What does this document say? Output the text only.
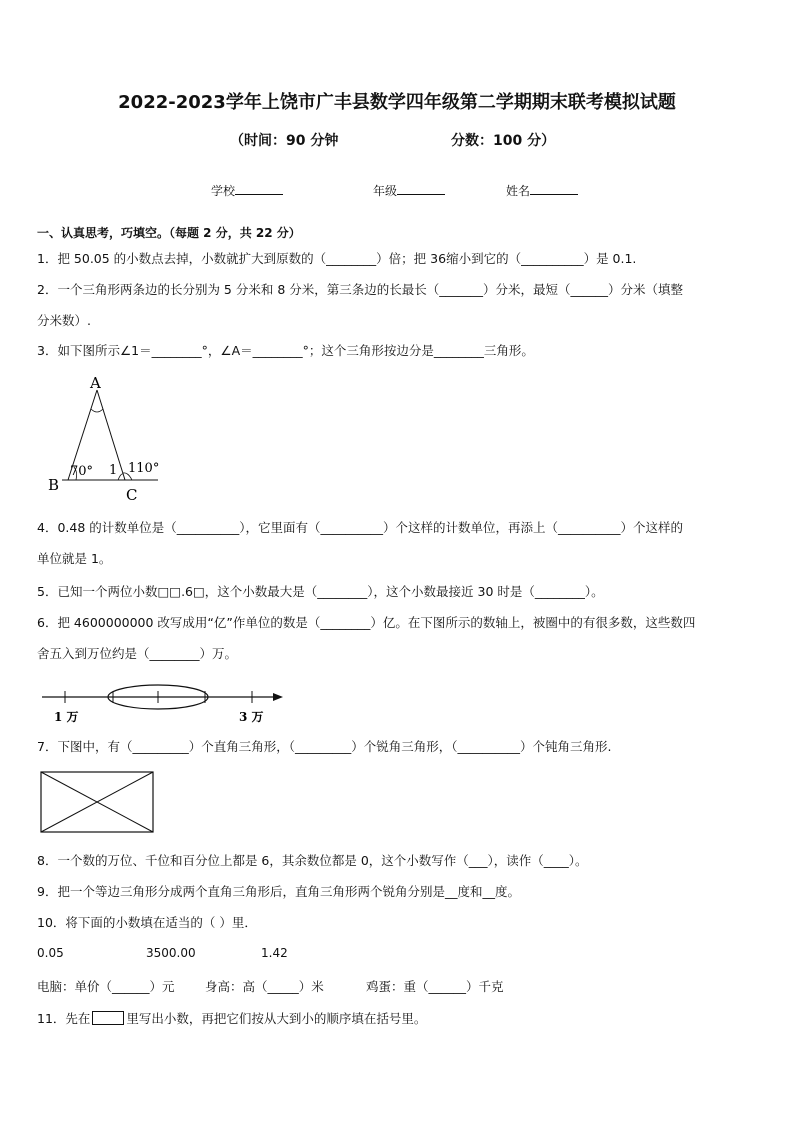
2022-2023学年上饶市广丰县数学四年级第二学期期末联考模拟试题
（时间：90 分钟	分数：100 分）
学校	年级	姓名
一、认真思考，巧填空。（每题 2 分，共 22 分）
1．把 50.05 的小数点去掉，小数就扩大到原数的（________）倍；把 36缩小到它的（__________）是 0.1.
2．一个三角形两条边的长分别为 5 分米和 8 分米，第三条边的长最长（_______）分米，最短（______）分米（填整
分米数）.
3．如下图所示∠1＝________°，∠A＝________°；这个三角形按边分是________三角形。
A
B
C
70° 1 110°
4．0.48 的计数单位是（__________），它里面有（__________）个这样的计数单位，再添上（__________）个这样的
单位就是 1。
5．已知一个两位小数□□.6□，这个小数最大是（________），这个小数最接近 30 时是（________）。
6．把 4600000000 改写成用“亿”作单位的数是（________）亿。在下图所示的数轴上，被圈中的有很多数，这些数四
舍五入到万位约是（________）万。
1 万	3 万
7．下图中，有（_________）个直角三角形，（_________）个锐角三角形，（__________）个钝角三角形.
8．一个数的万位、千位和百分位上都是 6，其余数位都是 0，这个小数写作（___），读作（____）。
9．把一个等边三角形分成两个直角三角形后，直角三角形两个锐角分别是__度和__度。
10．将下面的小数填在适当的（ ）里．
0.05	3500.00	1.42
电脑：单价（______）元 身高：高（_____）米	鸡蛋：重（______）千克
11．先在	里写出小数，再把它们按从大到小的顺序填在括号里。
